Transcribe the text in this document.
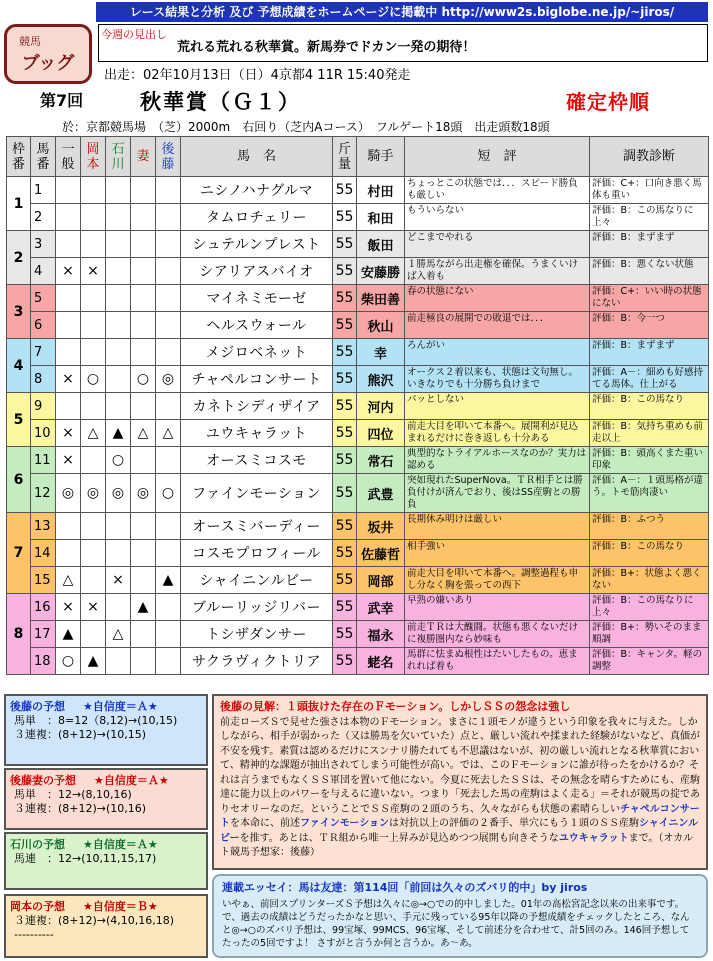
レース結果と分析 及び 予想成績をホームページに掲載中 http://www2s.biglobe.ne.jp/~jiros/
競馬
ブッグ
今週の見出し
荒れる荒れる秋華賞。新馬券でドカン一発の期待！
出走：02年10月13日（日）4京都4 11R 15:40発走
第7回	秋華賞（Ｇ１）	確定枠順
於：京都競馬場　（芝）2000m　右回り（芝内Aコース）　フルゲート18頭　出走頭数18頭
枠番	馬番	一般	岡本	石川	妻	後藤	馬　名	斤量	騎手	短　評	調教診断
1	1						ニシノハナグルマ	55	村田	ちょっとこの状態では．．．スピード勝負も厳しい	評価：C+：口向き悪く馬体も重い
	2						タムロチェリー	55	和田	もういらない	評価：B：この馬なりに上々
2	3						シュテルンプレスト	55	飯田	どこまでやれる	評価：B：まずまず
	4	×	×				シアリアスバイオ	55	安藤勝	１勝馬ながら出走権を確保。うまくいけば入着も	評価：B：悪くない状態
3	5						マイネミモーゼ	55	柴田善	春の状態にない	評価：C+：いい時の状態にない
	6						ヘルスウォール	55	秋山	前走極良の展開での敗退では．．．	評価：B：今一つ
4	7						メジロベネット	55	幸	ろんがい	評価：B：まずまず
	8	×	○		○	◎	チャペルコンサート	55	熊沢	オークス２着以来も、状態は文句無し。いきなりでも十分勝ち負けまで	評価：A－：細めも好感持てる馬体。仕上がる
5	9						カネトシディザイア	55	河内	パッとしない	評価：B：この馬なり
	10	×	△	▲	△	△	ユウキャラット	55	四位	前走大目を叩いて本番へ。展開利が見込まれるだけに巻き返しも十分ある	評価：B：気持ち重めも前走以上
6	11	×		○			オースミコスモ	55	常石	典型的なトライアルホースなのか？実力は認める	評価：B：頭高くまた重い印象
	12	◎	◎	◎	◎	○	ファインモーション	55	武豊	突如現れたSuperNova。ＴＲ相手とは勝負付けが済んでおり、後はSS産駒との勝負	評価：A－：１頭馬格が違う。トモ筋肉凄い
7	13						オースミバーディー	55	坂井	長期休み明けは厳しい	評価：B：ふつう
	14						コスモプロフィール	55	佐藤哲	相手強い	評価：B：この馬なり
	15	△		×		▲	シャイニンルビー	55	岡部	前走大目を叩いて本番へ。調整過程も申し分なく胸を張っての西下	評価：B+：状態よく悪くない
8	16	×	×		▲		ブルーリッジリバー	55	武幸	早熟の嫌いあり	評価：B：この馬なりに上々
	17	▲		△			トシザダンサー	55	福永	前走ＴＲは大醜闘。状態も悪くないだけに複勝圏内なら妙味も	評価：B+：勢いそのまま順調
	18	○	▲				サクラヴィクトリア	55	蛯名	馬群に怯まぬ根性はたいしたもの。恵まれれば着も	評価：B：キャンタ。軽の調整
後藤の予想 ★自信度＝Ａ★
馬単　：8=12（8,12)→(10,15)
３連複：(8+12)→(10,15)
後藤妻の予想 ★自信度＝Ａ★
馬単　：12→(8,10,16)
３連複：(8+12)→(10,16)
石川の予想 ★自信度＝Ａ★
馬連　：12→(10,11,15,17)
岡本の予想 ★自信度＝Ｂ★
３連複：(8+12)→(4,10,16,18)
----------
後藤の見解：１頭抜けた存在のＦモーション。しかしＳＳの怨念は強し
前走ローズＳで見せた強さは本物のＦモーション。まさに１頭モノが違うという印象を我々に与えた。しかしながら、相手が弱かった（又は勝馬を欠いていた）点と、厳しい流れや揉まれた経験がないなど、真価が不安を残す。素質は認めるだけにスンナリ勝たれても不思議はないが、初の厳しい流れとなる秋華賞において、精神的な課題が抽出されてしまう可能性が高い。では、このＦモーションに誰が待ったをかけるか？それは言うまでもなくＳＳ軍団を置いて他にない。今夏に死去したＳＳは、その無念を晴らすためにも、産駒達に能力以上のパワーを与えるに違いない。つまり「死去した馬の産駒はよく走る」＝それが競馬の掟でありセオリーなのだ。ということでＳＳ産駒の２頭のうち、久々ながらも状態の素晴らしいチャペルコンサートを本命に、前述ファインモーションは対抗以上の評価の２番手、単穴にもう１頭のＳＳ産駒シャイニンルビーを推す。あとは、ＴＲ組から唯一上昇みが見込めつつ展開も向きそうなユウキャラットまで。（オカルト競馬予想家：後藤）
連載エッセイ：馬は友達：第114回「前回は久々のズバリ的中」by jiros
いやぁ、前回スプリンターズＳ予想は久々に◎→○での的中しました。01年の高松宮記念以来の出来事です。で、過去の成績はどうだったかなと思い、手元に残っている95年以降の予想成績をチェックしたところ、なんと◎→○のズバリ予想は、99宝塚、99MCS、96宝塚、そして前述分を合わせて、計5回のみ。146回予想してたったの5回ですよ！ さすがと言うか何と言うか。あ～あ。
